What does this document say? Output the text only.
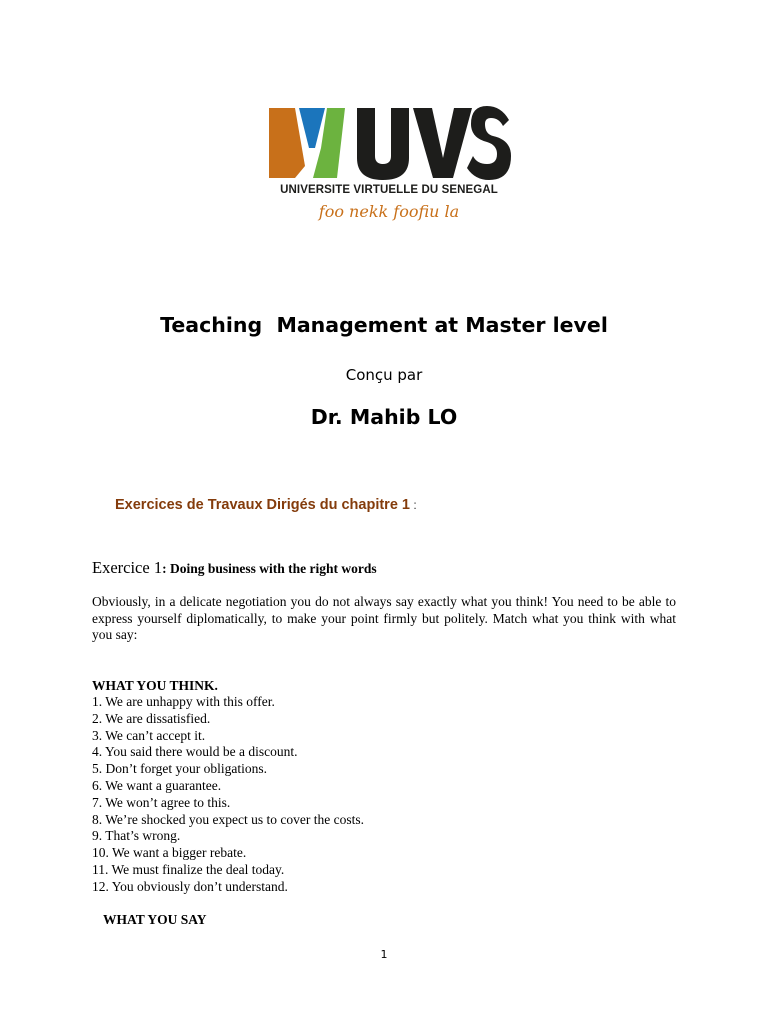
UNIVERSITE VIRTUELLE DU SENEGAL
foo nekk fooﬁu la
Teaching  Management at Master level
Conçu par
Dr. Mahib LO
Exercices de Travaux Dirigés du chapitre 1 :
Exercice 1: Doing business with the right words
Obviously, in a delicate negotiation you do not always say exactly what you think! You need to be able to express yourself diplomatically, to make your point firmly but politely. Match what you think with what you say:
WHAT YOU THINK.
1. We are unhappy with this offer.
2. We are dissatisfied.
3. We can’t accept it.
4. You said there would be a discount.
5. Don’t forget your obligations.
6. We want a guarantee.
7. We won’t agree to this.
8. We’re shocked you expect us to cover the costs.
9. That’s wrong.
10. We want a bigger rebate.
11. We must finalize the deal today.
12. You obviously don’t understand.
WHAT YOU SAY
1
